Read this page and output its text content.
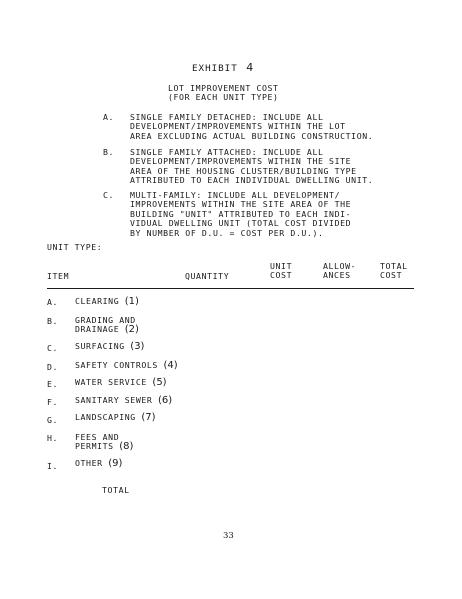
EXHIBIT 4
LOT IMPROVEMENT COST
(FOR EACH UNIT TYPE)
A. SINGLE FAMILY DETACHED: INCLUDE ALL
DEVELOPMENT/IMPROVEMENTS WITHIN THE LOT
AREA EXCLUDING ACTUAL BUILDING CONSTRUCTION.
B. SINGLE FAMILY ATTACHED: INCLUDE ALL
DEVELOPMENT/IMPROVEMENTS WITHIN THE SITE
AREA OF THE HOUSING CLUSTER/BUILDING TYPE
ATTRIBUTED TO EACH INDIVIDUAL DWELLING UNIT.
C. MULTI-FAMILY: INCLUDE ALL DEVELOPMENT/
IMPROVEMENTS WITHIN THE SITE AREA OF THE
BUILDING "UNIT" ATTRIBUTED TO EACH INDI-
VIDUAL DWELLING UNIT (TOTAL COST DIVIDED
BY NUMBER OF D.U. = COST PER D.U.).
UNIT TYPE:
ITEM	QUANTITY
UNIT
COST
ALLOW-
ANCES
TOTAL
COST
A. CLEARING (1)
B. GRADING AND
DRAINAGE (2)
C. SURFACING (3)
D. SAFETY CONTROLS (4)
E. WATER SERVICE (5)
F. SANITARY SEWER (6)
G. LANDSCAPING (7)
H. FEES AND
PERMITS (8)
I. OTHER (9)
TOTAL
33
